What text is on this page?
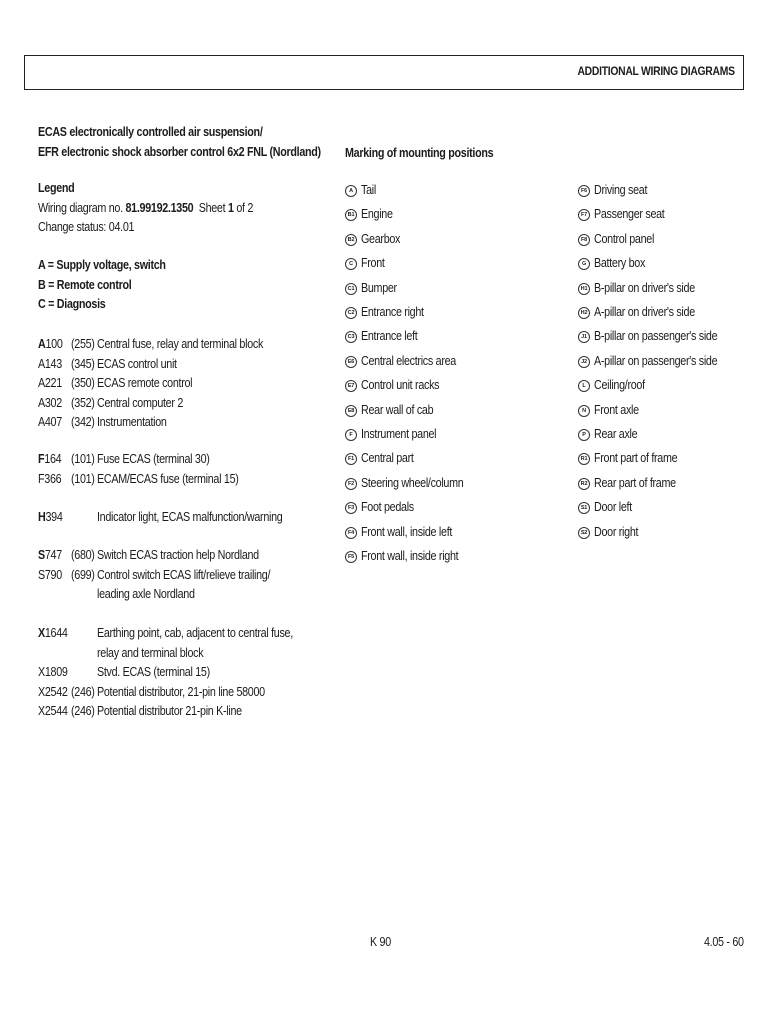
ADDITIONAL WIRING DIAGRAMS
ECAS electronically controlled air suspension/
EFR electronic shock absorber control 6x2 FNL (Nordland)
Legend
Wiring diagram no. 81.99192.1350 Sheet 1 of 2
Change status: 04.01
A = Supply voltage, switch
B = Remote control
C = Diagnosis
A100 (255) Central fuse, relay and terminal block
A143 (345) ECAS control unit
A221 (350) ECAS remote control
A302 (352) Central computer 2
A407 (342) Instrumentation
F164 (101) Fuse ECAS (terminal 30)
F366 (101) ECAM/ECAS fuse (terminal 15)
H394	Indicator light, ECAS malfunction/warning
S747 (680) Switch ECAS traction help Nordland
S790 (699) Control switch ECAS lift/relieve trailing/
leading axle Nordland
X1644	Earthing point, cab, adjacent to central fuse,
relay and terminal block
X1809	Stvd. ECAS (terminal 15)
X2542 (246) Potential distributor, 21-pin line 58000
X2544 (246) Potential distributor 21-pin K-line
Marking of mounting positions
A Tail
B1 Engine
B2 Gearbox
C Front
C1 Bumper
C2 Entrance right
C3 Entrance left
E6 Central electrics area
E7 Control unit racks
E8 Rear wall of cab
F Instrument panel
F1 Central part
F2 Steering wheel/column
F3 Foot pedals
F4 Front wall, inside left
F5 Front wall, inside right
F6 Driving seat
F7 Passenger seat
F8 Control panel
G Battery box
H1 B-pillar on driver's side
H2 A-pillar on driver's side
J1 B-pillar on passenger's side
J2 A-pillar on passenger's side
L Ceiling/roof
N Front axle
P Rear axle
R1 Front part of frame
R2 Rear part of frame
S1 Door left
S2 Door right
K 90	4.05 - 60
